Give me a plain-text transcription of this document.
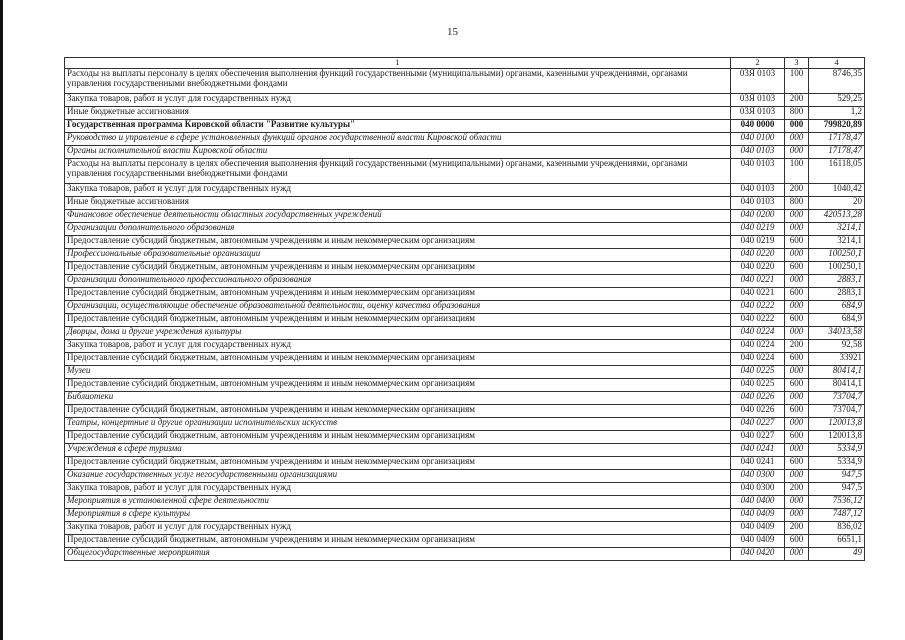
15
1	2	3	4
Расходы на выплаты персоналу в целях обеспечения выполнения функций государственными (муниципальными) органами, казенными учреждениями, органами управления государственными внебюджетными фондами	03Я 0103	100	8746,35
Закупка товаров, работ и услуг для государственных нужд	03Я 0103	200	529,25
Иные бюджетные ассигнования	03Я 0103	800	1,2
Государственная программа Кировской области "Развитие культуры"	040 0000	000	799820,89
Руководство и управление в сфере установленных функций органов государственной власти Кировской области	040 0100	000	17178,47
Органы исполнительной власти Кировской области	040 0103	000	17178,47
Расходы на выплаты персоналу в целях обеспечения выполнения функций государственными (муниципальными) органами, казенными учреждениями, органами управления государственными внебюджетными фондами	040 0103	100	16118,05
Закупка товаров, работ и услуг для государственных нужд	040 0103	200	1040,42
Иные бюджетные ассигнования	040 0103	800	20
Финансовое обеспечение деятельности областных государственных учреждений	040 0200	000	420513,28
Организации дополнительного образования	040 0219	000	3214,1
Предоставление субсидий бюджетным, автономным учреждениям и иным некоммерческим организациям	040 0219	600	3214,1
Профессиональные образовательные организации	040 0220	000	100250,1
Предоставление субсидий бюджетным, автономным учреждениям и иным некоммерческим организациям	040 0220	600	100250,1
Организации дополнительного профессионального образования	040 0221	000	2883,1
Предоставление субсидий бюджетным, автономным учреждениям и иным некоммерческим организациям	040 0221	600	2883,1
Организации, осуществляющие обеспечение образовательной деятельности, оценку качества образования	040 0222	000	684,9
Предоставление субсидий бюджетным, автономным учреждениям и иным некоммерческим организациям	040 0222	600	684,9
Дворцы, дома и другие учреждения культуры	040 0224	000	34013,58
Закупка товаров, работ и услуг для государственных нужд	040 0224	200	92,58
Предоставление субсидий бюджетным, автономным учреждениям и иным некоммерческим организациям	040 0224	600	33921
Музеи	040 0225	000	80414,1
Предоставление субсидий бюджетным, автономным учреждениям и иным некоммерческим организациям	040 0225	600	80414,1
Библиотеки	040 0226	000	73704,7
Предоставление субсидий бюджетным, автономным учреждениям и иным некоммерческим организациям	040 0226	600	73704,7
Театры, концертные и другие организации исполнительских искусств	040 0227	000	120013,8
Предоставление субсидий бюджетным, автономным учреждениям и иным некоммерческим организациям	040 0227	600	120013,8
Учреждения в сфере туризма	040 0241	000	5334,9
Предоставление субсидий бюджетным, автономным учреждениям и иным некоммерческим организациям	040 0241	600	5334,9
Оказание государственных услуг негосударственными организациями	040 0300	000	947,5
Закупка товаров, работ и услуг для государственных нужд	040 0300	200	947,5
Мероприятия в установленной сфере деятельности	040 0400	000	7536,12
Мероприятия в сфере культуры	040 0409	000	7487,12
Закупка товаров, работ и услуг для государственных нужд	040 0409	200	836,02
Предоставление субсидий бюджетным, автономным учреждениям и иным некоммерческим организациям	040 0409	600	6651,1
Общегосударственные мероприятия	040 0420	000	49
